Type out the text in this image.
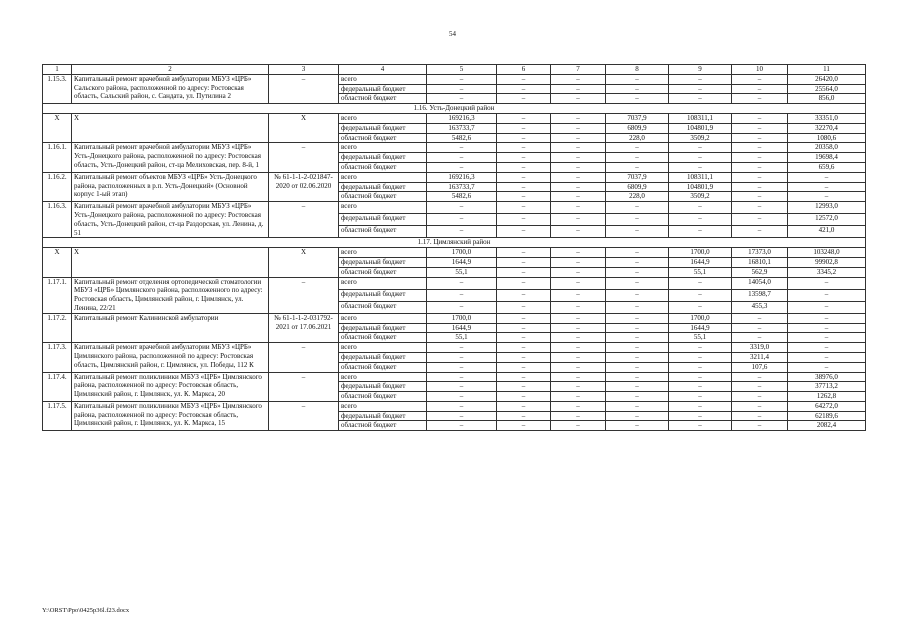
54
1	2	3	4	5	6	7	8	9	10	11
1.15.3.	Капитальный ремонт врачебной амбулатории МБУЗ «ЦРБ» Сальского района, расположенной по адресу: Ростовская область, Сальский район, с. Сандата, ул. Путилина 2	–	всего	–	–	–	–	–	–	26420,0
			федеральный бюджет	–	–	–	–	–	–	25564,0
			областной бюджет	–	–	–	–	–	–	856,0
1.16. Усть-Донецкий район										
Х	Х	Х	всего	169216,3	–	–	7037,9	108311,1	–	33351,0
			федеральный бюджет	163733,7	–	–	6809,9	104801,9	–	32270,4
			областной бюджет	5482,6	–	–	228,0	3509,2	–	1080,6
1.16.1.	Капитальный ремонт врачебной амбулатории МБУЗ «ЦРБ» Усть-Донецкого района, расположенной по адресу: Ростовская область, Усть-Донецкий район, ст-ца Мелиховская, пер. 8-й, 1	–	всего	–	–	–	–	–	–	20358,0
			федеральный бюджет	–	–	–	–	–	–	19698,4
			областной бюджет	–	–	–	–	–	–	659,6
1.16.2.	Капитальный ремонт объектов МБУЗ «ЦРБ» Усть-Донецкого района, расположенных в р.п. Усть-Донецкий» (Основной корпус 1-ый этап)	№ 61-1-1-2-021847-2020 от 02.06.2020	всего	169216,3	–	–	7037,9	108311,1	–	–
			федеральный бюджет	163733,7	–	–	6809,9	104801,9	–	–
			областной бюджет	5482,6	–	–	228,0	3509,2	–	–
1.16.3.	Капитальный ремонт врачебной амбулатории МБУЗ «ЦРБ» Усть-Донецкого района, расположенной по адресу: Ростовская область, Усть-Донецкий район, ст-ца Раздорская, ул. Ленина, д. 51	–	всего	–	–	–	–	–	–	12993,0
			федеральный бюджет	–	–	–	–	–	–	12572,0
			областной бюджет	–	–	–	–	–	–	421,0
1.17. Цимлянский район										
Х	Х	Х	всего	1700,0	–	–	–	1700,0	17373,0	103248,0
			федеральный бюджет	1644,9	–	–	–	1644,9	16810,1	99902,8
			областной бюджет	55,1	–	–	–	55,1	562,9	3345,2
1.17.1.	Капитальный ремонт отделения ортопедической стоматологии МБУЗ «ЦРБ» Цимлянского района, расположенного по адресу: Ростовская область, Цимлянский район, г. Цимлянск, ул. Ленина, 22/21	–	всего	–	–	–	–	–	14054,0	–
			федеральный бюджет	–	–	–	–	–	13598,7	–
			областной бюджет	–	–	–	–	–	455,3	–
1.17.2.	Капитальный ремонт Калининской амбулатории	№ 61-1-1-2-031792-2021 от 17.06.2021	всего	1700,0	–	–	–	1700,0	–	–
			федеральный бюджет	1644,9	–	–	–	1644,9	–	–
			областной бюджет	55,1	–	–	–	55,1	–	–
1.17.3.	Капитальный ремонт врачебной амбулатории МБУЗ «ЦРБ» Цимлянского района, расположенной по адресу: Ростовская область, Цимлянский район, г. Цимлянск, ул. Победы, 112 К	–	всего	–	–	–	–	–	3319,0	–
			федеральный бюджет	–	–	–	–	–	3211,4	–
			областной бюджет	–	–	–	–	–	107,6	–
1.17.4.	Капитальный ремонт поликлиники МБУЗ «ЦРБ» Цимлянского района, расположенной по адресу: Ростовская область, Цимлянский район, г. Цимлянск, ул. К. Маркса, 20	–	всего	–	–	–	–	–	–	38976,0
			федеральный бюджет	–	–	–	–	–	–	37713,2
			областной бюджет	–	–	–	–	–	–	1262,8
1.17.5.	Капитальный ремонт поликлиники МБУЗ «ЦРБ» Цимлянского района, расположенной по адресу: Ростовская область, Цимлянский район, г. Цимлянск, ул. К. Маркса, 15	–	всего	–	–	–	–	–	–	64272,0
			федеральный бюджет	–	–	–	–	–	–	62189,6
			областной бюджет	–	–	–	–	–	–	2082,4
Y:\ORST\Ppo\0425p36l.f23.docx
